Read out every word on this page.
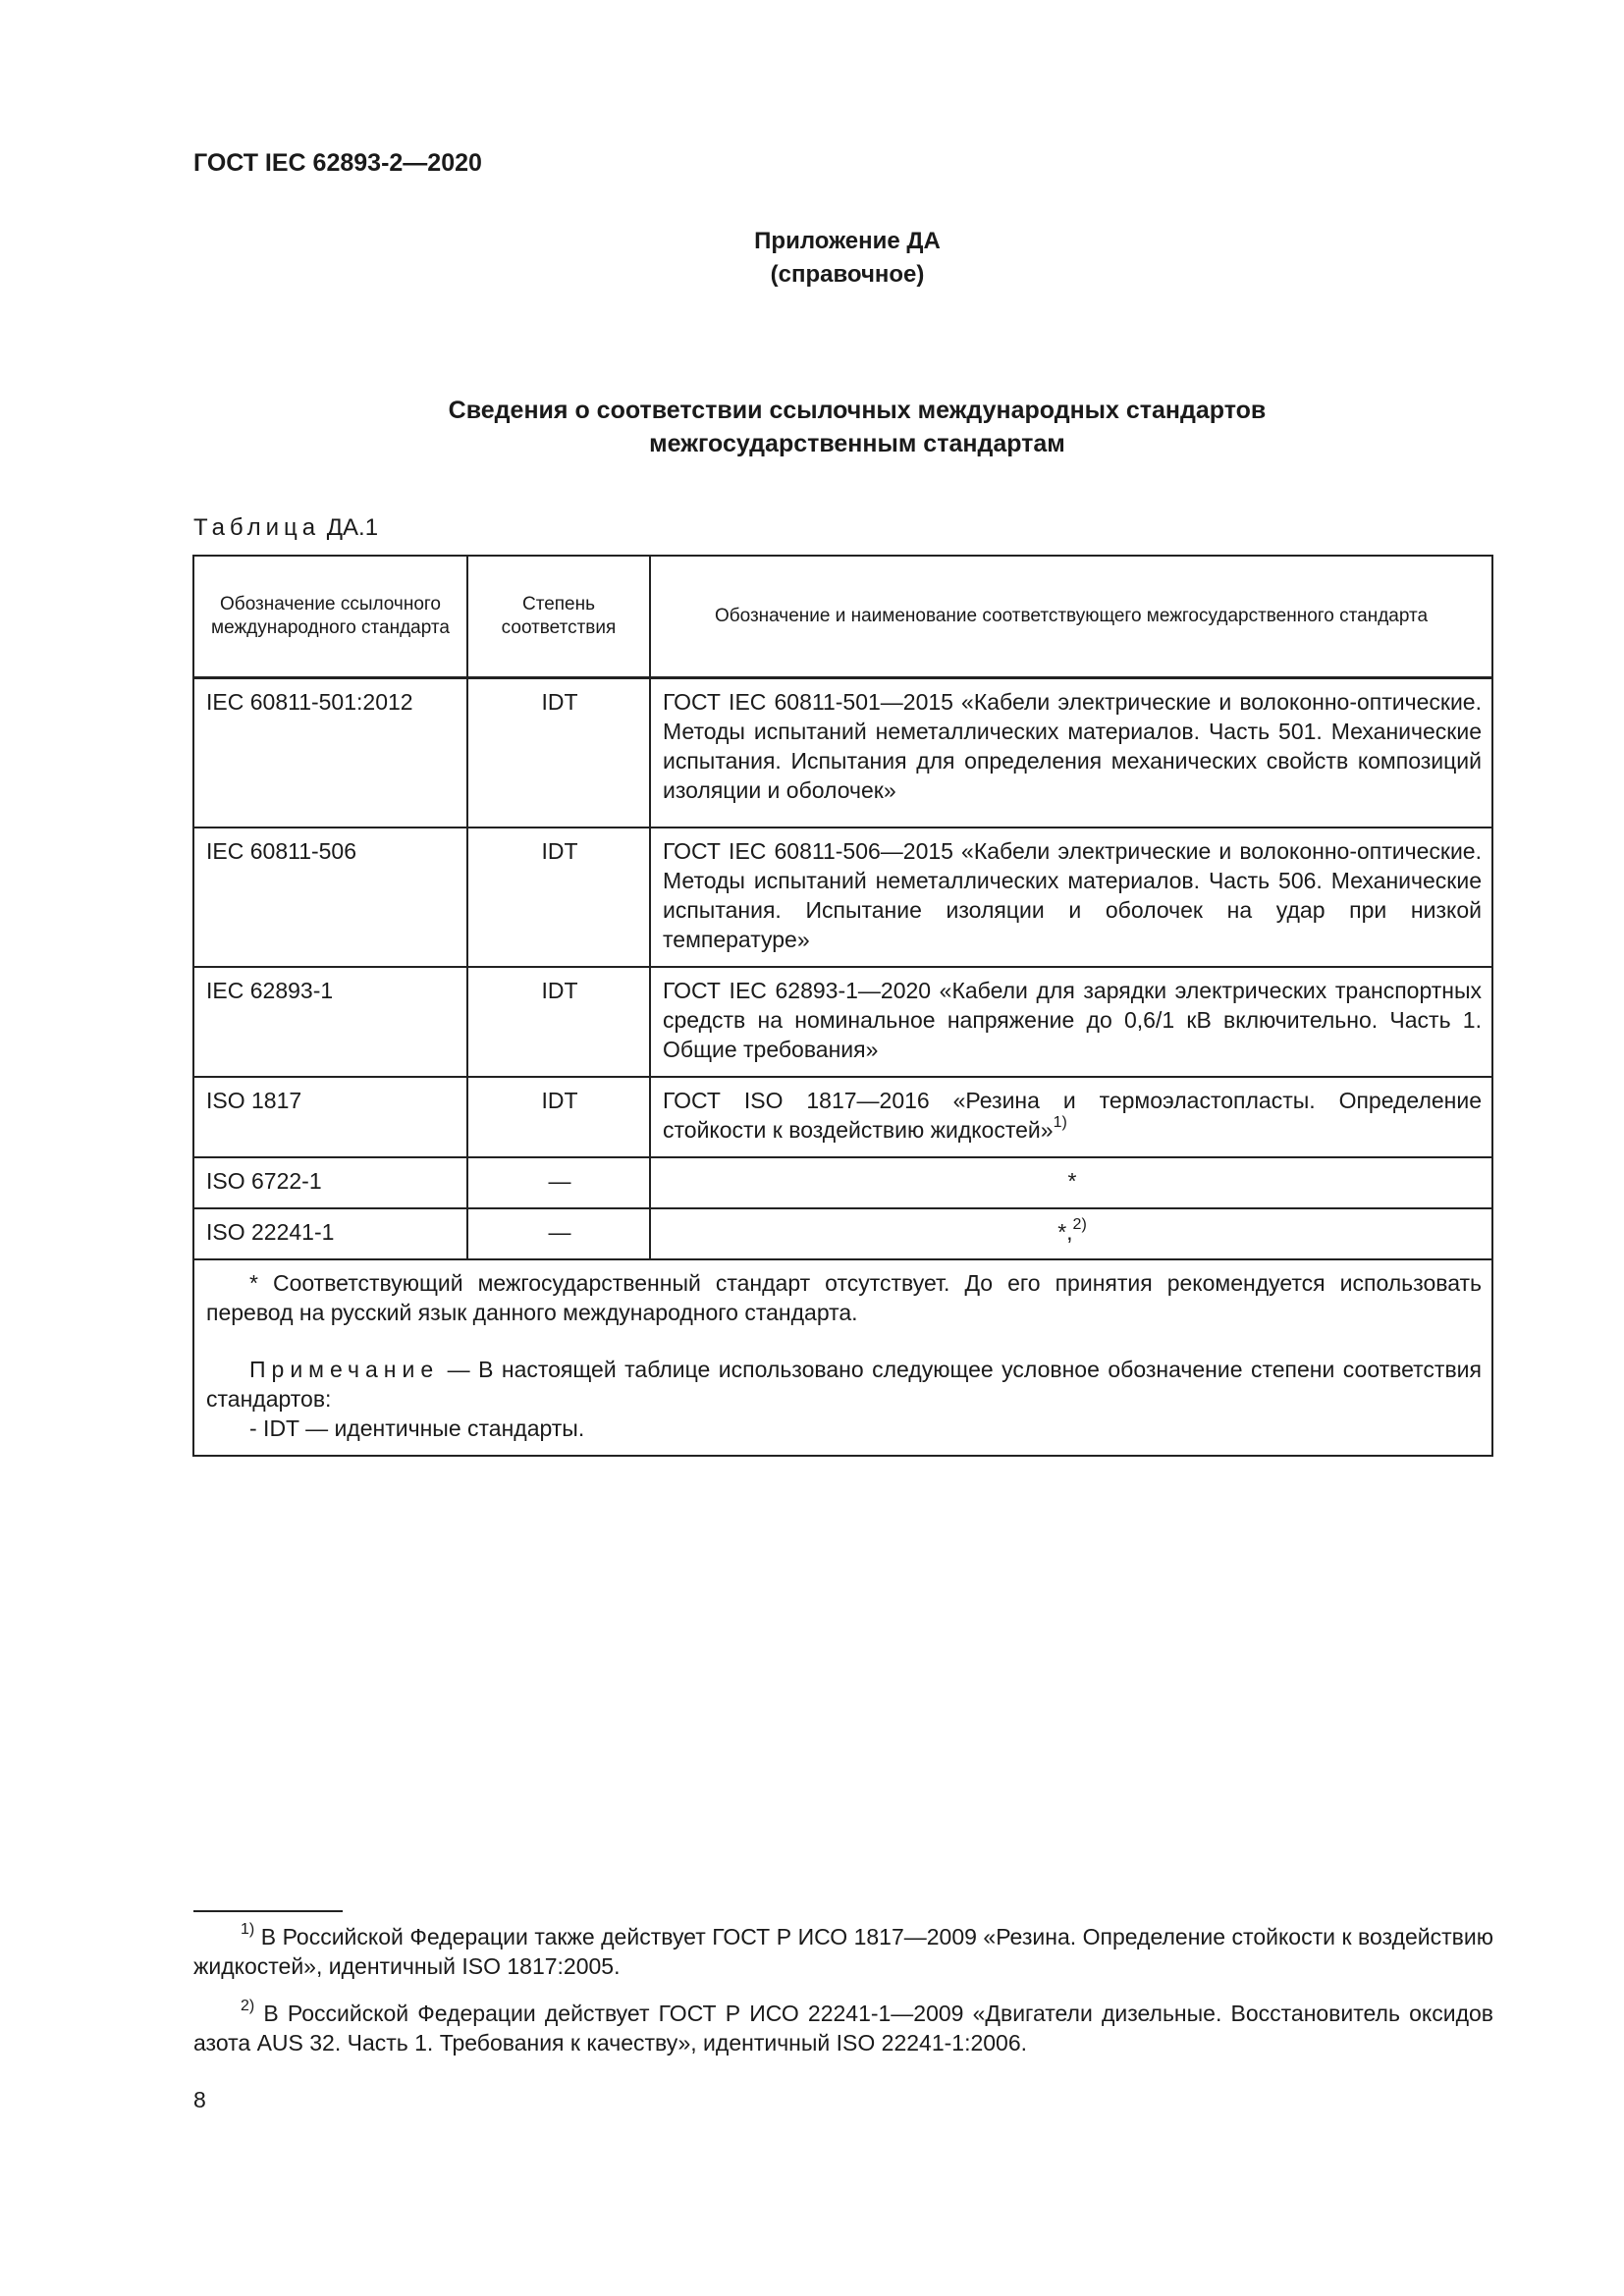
ГОСТ IEC 62893-2—2020
Приложение ДА
(справочное)
Сведения о соответствии ссылочных международных стандартов
межгосударственным стандартам
Таблица ДА.1
Обозначение ссылочного международного стандарта	Степень соответствия	Обозначение и наименование соответствующего межгосударственного стандарта
IEC 60811-501:2012	IDT	ГОСТ IEC 60811-501—2015 «Кабели электрические и волоконно-оптические. Методы испытаний неметаллических материалов. Часть 501. Механические испытания. Испытания для определения механических свойств композиций изоляции и оболочек»
IEC 60811-506	IDT	ГОСТ IEC 60811-506—2015 «Кабели электрические и волоконно-оптические. Методы испытаний неметаллических материалов. Часть 506. Механические испытания. Испытание изоляции и оболочек на удар при низкой температуре»
IEC 62893-1	IDT	ГОСТ IEC 62893-1—2020 «Кабели для зарядки электрических транспортных средств на номинальное напряжение до 0,6/1 кВ включительно. Часть 1. Общие требования»
ISO 1817	IDT	ГОСТ ISO 1817—2016 «Резина и термоэластопласты. Определение стойкости к воздействию жидкостей»$^{1)}$
ISO 6722-1	—	*
ISO 22241-1	—	*,$^{2)}$

* Соответствующий межгосударственный стандарт отсутствует. До его принятия рекомендуется использовать перевод на русский язык данного международного стандарта.
Примечание — В настоящей таблице использовано следующее условное обозначение степени соответствия стандартов:
- IDT — идентичные стандарты.		
$^{1)}$ В Российской Федерации также действует ГОСТ Р ИСО 1817—2009 «Резина. Определение стойкости к воздействию жидкостей», идентичный ISO 1817:2005.
$^{2)}$ В Российской Федерации действует ГОСТ Р ИСО 22241-1—2009 «Двигатели дизельные. Восстановитель оксидов азота AUS 32. Часть 1. Требования к качеству», идентичный ISO 22241-1:2006.
8
